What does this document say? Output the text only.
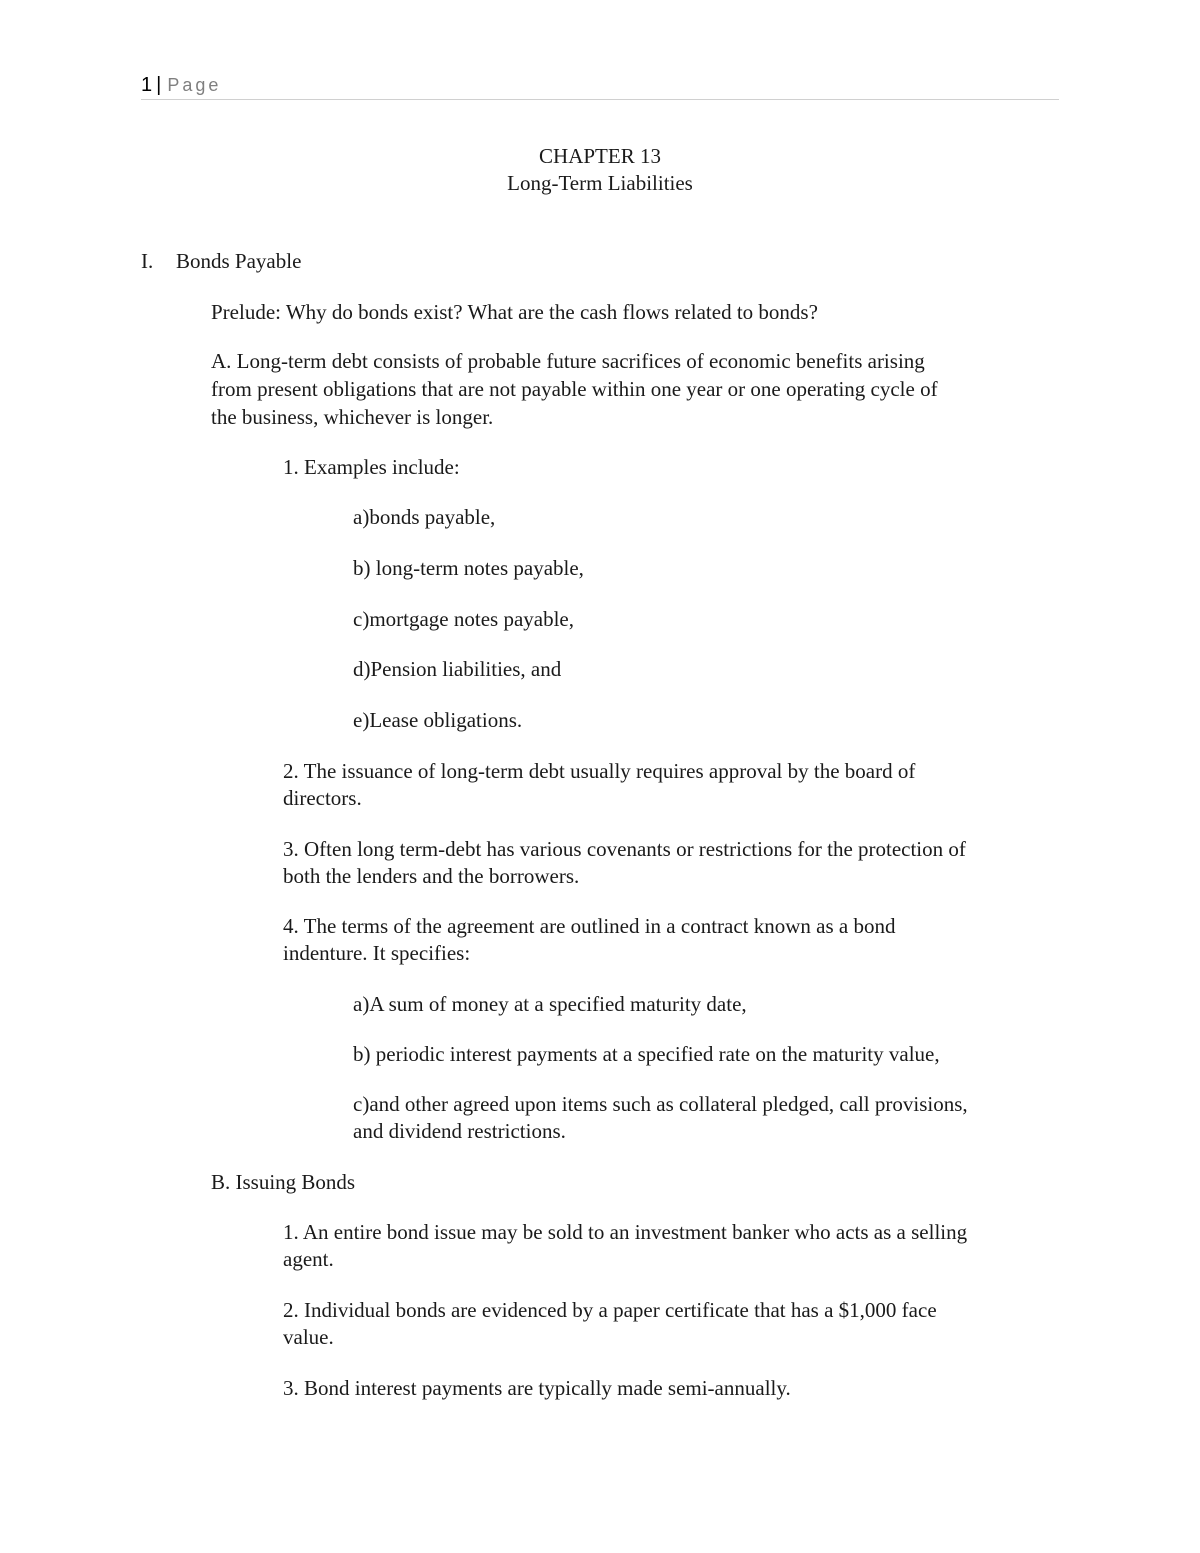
1 | Page
CHAPTER 13
Long-Term Liabilities
I. Bonds Payable
Prelude: Why do bonds exist? What are the cash flows related to bonds?
A. Long-term debt consists of probable future sacrifices of economic benefits arising
from present obligations that are not payable within one year or one operating cycle of
the business, whichever is longer.
1. Examples include:
a)bonds payable,
b) long-term notes payable,
c)mortgage notes payable,
d)Pension liabilities, and
e)Lease obligations.
2. The issuance of long-term debt usually requires approval by the board of
directors.
3. Often long term-debt has various covenants or restrictions for the protection of
both the lenders and the borrowers.
4. The terms of the agreement are outlined in a contract known as a bond
indenture. It specifies:
a)A sum of money at a specified maturity date,
b) periodic interest payments at a specified rate on the maturity value,
c)and other agreed upon items such as collateral pledged, call provisions,
and dividend restrictions.
B. Issuing Bonds
1. An entire bond issue may be sold to an investment banker who acts as a selling
agent.
2. Individual bonds are evidenced by a paper certificate that has a $1,000 face
value.
3. Bond interest payments are typically made semi-annually.
